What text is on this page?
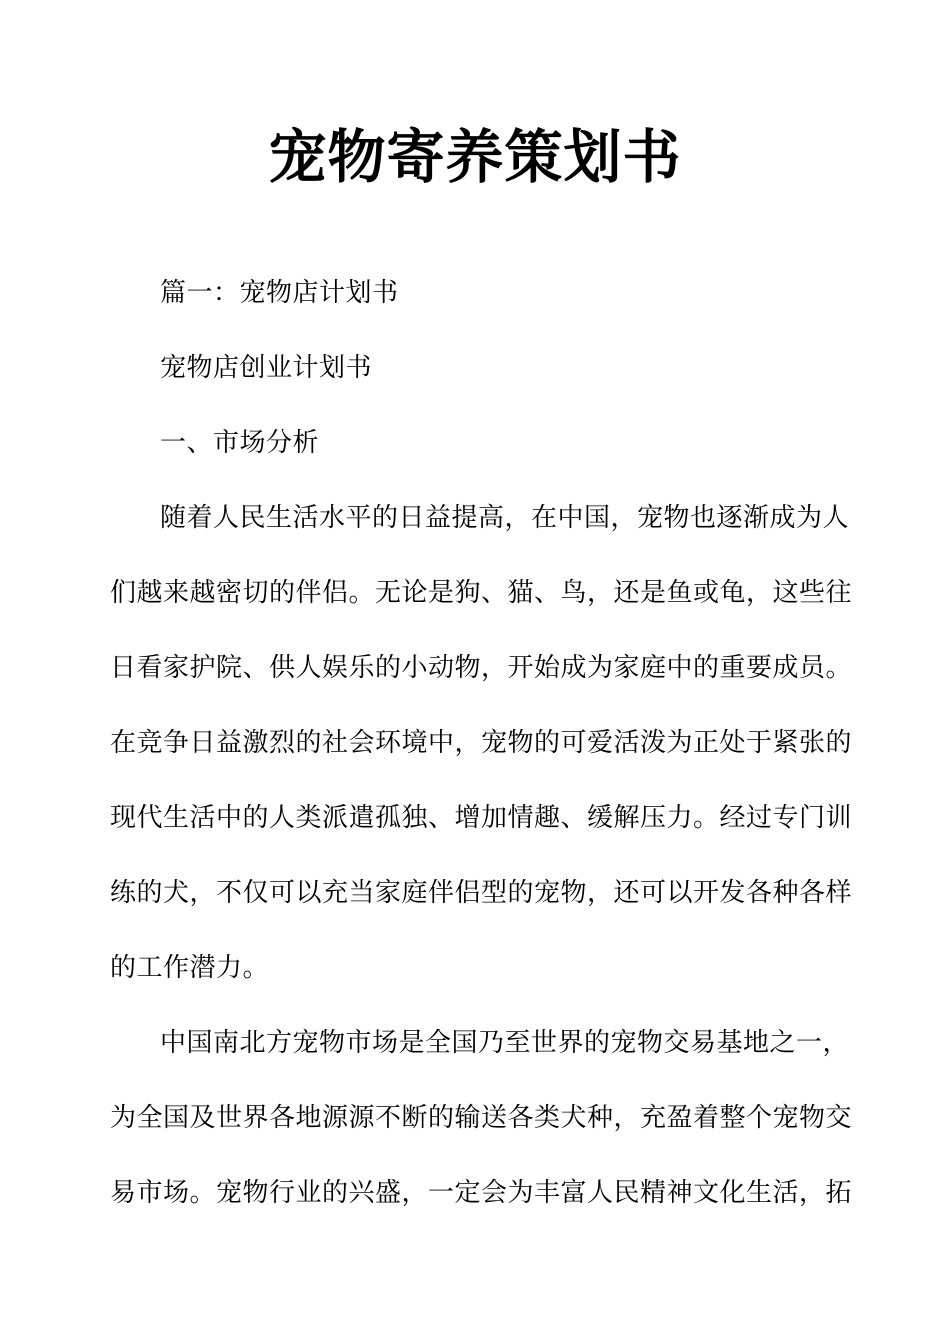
宠物寄养策划书
篇一：宠物店计划书
宠物店创业计划书
一、市场分析
随着人民生活水平的日益提高，在中国，宠物也逐渐成为人
们越来越密切的伴侣。无论是狗、猫、鸟，还是鱼或龟，这些往
日看家护院、供人娱乐的小动物，开始成为家庭中的重要成员。
在竞争日益激烈的社会环境中，宠物的可爱活泼为正处于紧张的
现代生活中的人类派遣孤独、增加情趣、缓解压力。经过专门训
练的犬，不仅可以充当家庭伴侣型的宠物，还可以开发各种各样
的工作潜力。
中国南北方宠物市场是全国乃至世界的宠物交易基地之一，
为全国及世界各地源源不断的输送各类犬种，充盈着整个宠物交
易市场。宠物行业的兴盛，一定会为丰富人民精神文化生活，拓
